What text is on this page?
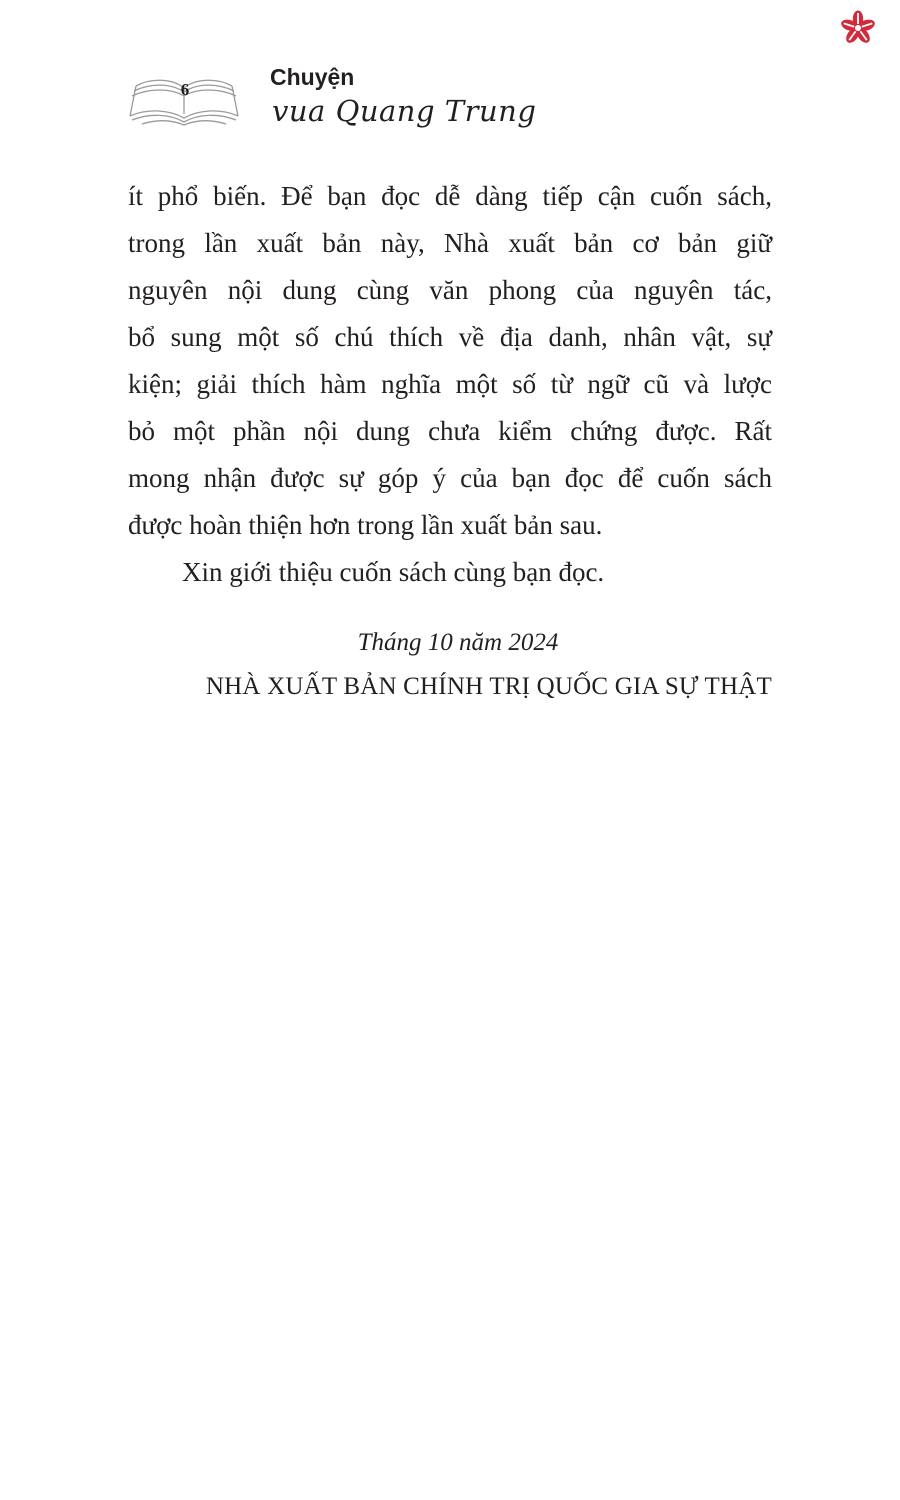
6	Chuyện
vua Quang Trung
ít phổ biến. Để bạn đọc dễ dàng tiếp cận cuốn sách,
trong lần xuất bản này, Nhà xuất bản cơ bản giữ
nguyên nội dung cùng văn phong của nguyên tác,
bổ sung một số chú thích về địa danh, nhân vật, sự
kiện; giải thích hàm nghĩa một số từ ngữ cũ và lược
bỏ một phần nội dung chưa kiểm chứng được. Rất
mong nhận được sự góp ý của bạn đọc để cuốn sách
được hoàn thiện hơn trong lần xuất bản sau.
Xin giới thiệu cuốn sách cùng bạn đọc.
Tháng 10 năm 2024
NHÀ XUẤT BẢN CHÍNH TRỊ QUỐC GIA SỰ THẬT
